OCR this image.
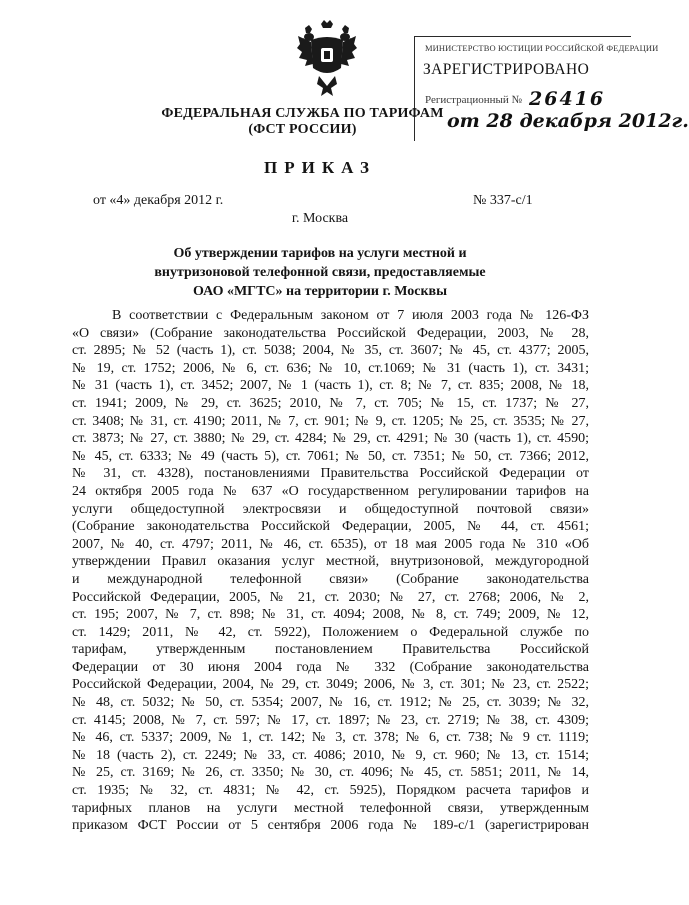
МИНИСТЕРСТВО ЮСТИЦИИ РОССИЙСКОЙ ФЕДЕРАЦИИ
ЗАРЕГИСТРИРОВАНО
Регистрационный № 26416
от 28 декабря 2012г.
ФЕДЕРАЛЬНАЯ СЛУЖБА ПО ТАРИФАМ
(ФСТ РОССИИ)
ПРИКАЗ
от «4» декабря 2012 г.	№ 337-с/1
г. Москва
Об утверждении тарифов на услуги местной и
внутризоновой телефонной связи, предоставляемые
ОАО «МГТС» на территории г. Москвы
В соответствии с Федеральным законом от 7 июля 2003 года № 126-ФЗ
«О связи» (Собрание законодательства Российской Федерации, 2003, № 28,
ст. 2895; № 52 (часть 1), ст. 5038; 2004, № 35, ст. 3607; № 45, ст. 4377; 2005,
№ 19, ст. 1752; 2006, № 6, ст. 636; № 10, ст.1069; № 31 (часть 1), ст. 3431;
№ 31 (часть 1), ст. 3452; 2007, № 1 (часть 1), ст. 8; № 7, ст. 835; 2008, № 18,
ст. 1941; 2009, № 29, ст. 3625; 2010, № 7, ст. 705; № 15, ст. 1737; № 27,
ст. 3408; № 31, ст. 4190; 2011, № 7, ст. 901; № 9, ст. 1205; № 25, ст. 3535; № 27,
ст. 3873; № 27, ст. 3880; № 29, ст. 4284; № 29, ст. 4291; № 30 (часть 1), ст. 4590;
№ 45, ст. 6333; № 49 (часть 5), ст. 7061; № 50, ст. 7351; № 50, ст. 7366; 2012,
№ 31, ст. 4328), постановлениями Правительства Российской Федерации от
24 октября 2005 года № 637 «О государственном регулировании тарифов на
услуги общедоступной электросвязи и общедоступной почтовой связи»
(Собрание законодательства Российской Федерации, 2005, № 44, ст. 4561;
2007, № 40, ст. 4797; 2011, № 46, ст. 6535), от 18 мая 2005 года № 310 «Об
утверждении Правил оказания услуг местной, внутризоновой, междугородной
и международной телефонной связи» (Собрание законодательства
Российской Федерации, 2005, № 21, ст. 2030; № 27, ст. 2768; 2006, № 2,
ст. 195; 2007, № 7, ст. 898; № 31, ст. 4094; 2008, № 8, ст. 749; 2009, № 12,
ст. 1429; 2011, № 42, ст. 5922), Положением о Федеральной службе по
тарифам, утвержденным постановлением Правительства Российской
Федерации от 30 июня 2004 года № 332 (Собрание законодательства
Российской Федерации, 2004, № 29, ст. 3049; 2006, № 3, ст. 301; № 23, ст. 2522;
№ 48, ст. 5032; № 50, ст. 5354; 2007, № 16, ст. 1912; № 25, ст. 3039; № 32,
ст. 4145; 2008, № 7, ст. 597; № 17, ст. 1897; № 23, ст. 2719; № 38, ст. 4309;
№ 46, ст. 5337; 2009, № 1, ст. 142; № 3, ст. 378; № 6, ст. 738; № 9 ст. 1119;
№ 18 (часть 2), ст. 2249; № 33, ст. 4086; 2010, № 9, ст. 960; № 13, ст. 1514;
№ 25, ст. 3169; № 26, ст. 3350; № 30, ст. 4096; № 45, ст. 5851; 2011, № 14,
ст. 1935; № 32, ст. 4831; № 42, ст. 5925), Порядком расчета тарифов и
тарифных планов на услуги местной телефонной связи, утвержденным
приказом ФСТ России от 5 сентября 2006 года № 189-с/1 (зарегистрирован
